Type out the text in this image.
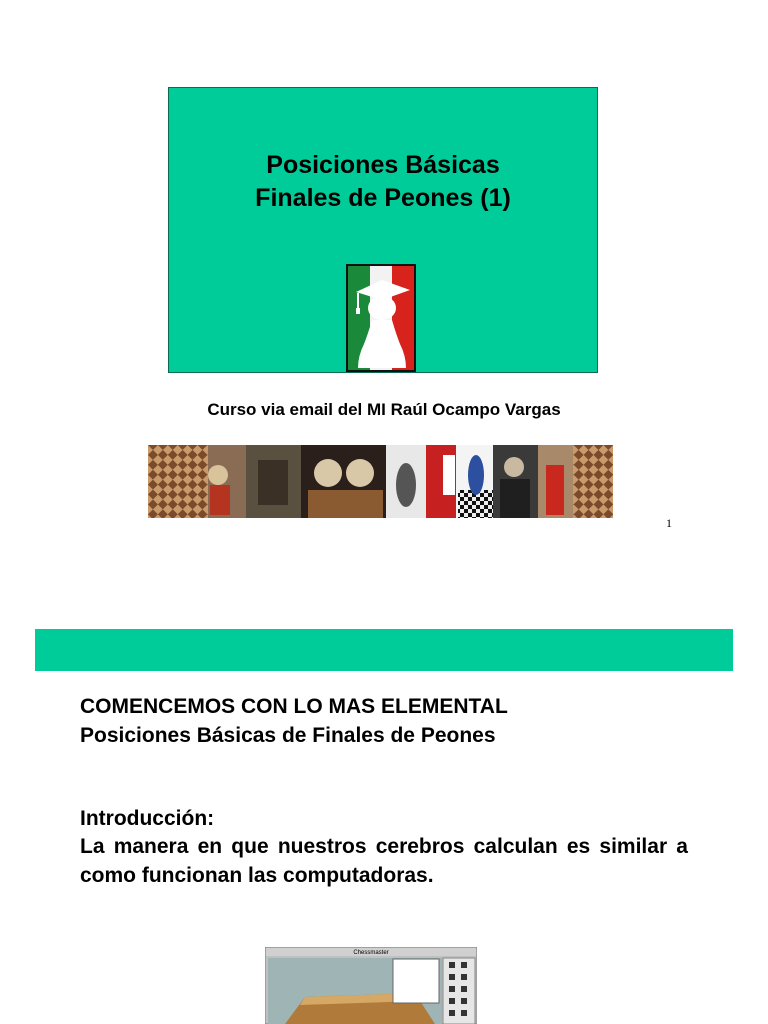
Posiciones Básicas
Finales de Peones (1)
Curso via email del MI Raúl Ocampo Vargas
1
COMENCEMOS CON LO MAS ELEMENTAL
Posiciones Básicas de Finales de Peones
Introducción:
La manera en que nuestros cerebros calculan es similar a como funcionan las computadoras.
Chessmaster
